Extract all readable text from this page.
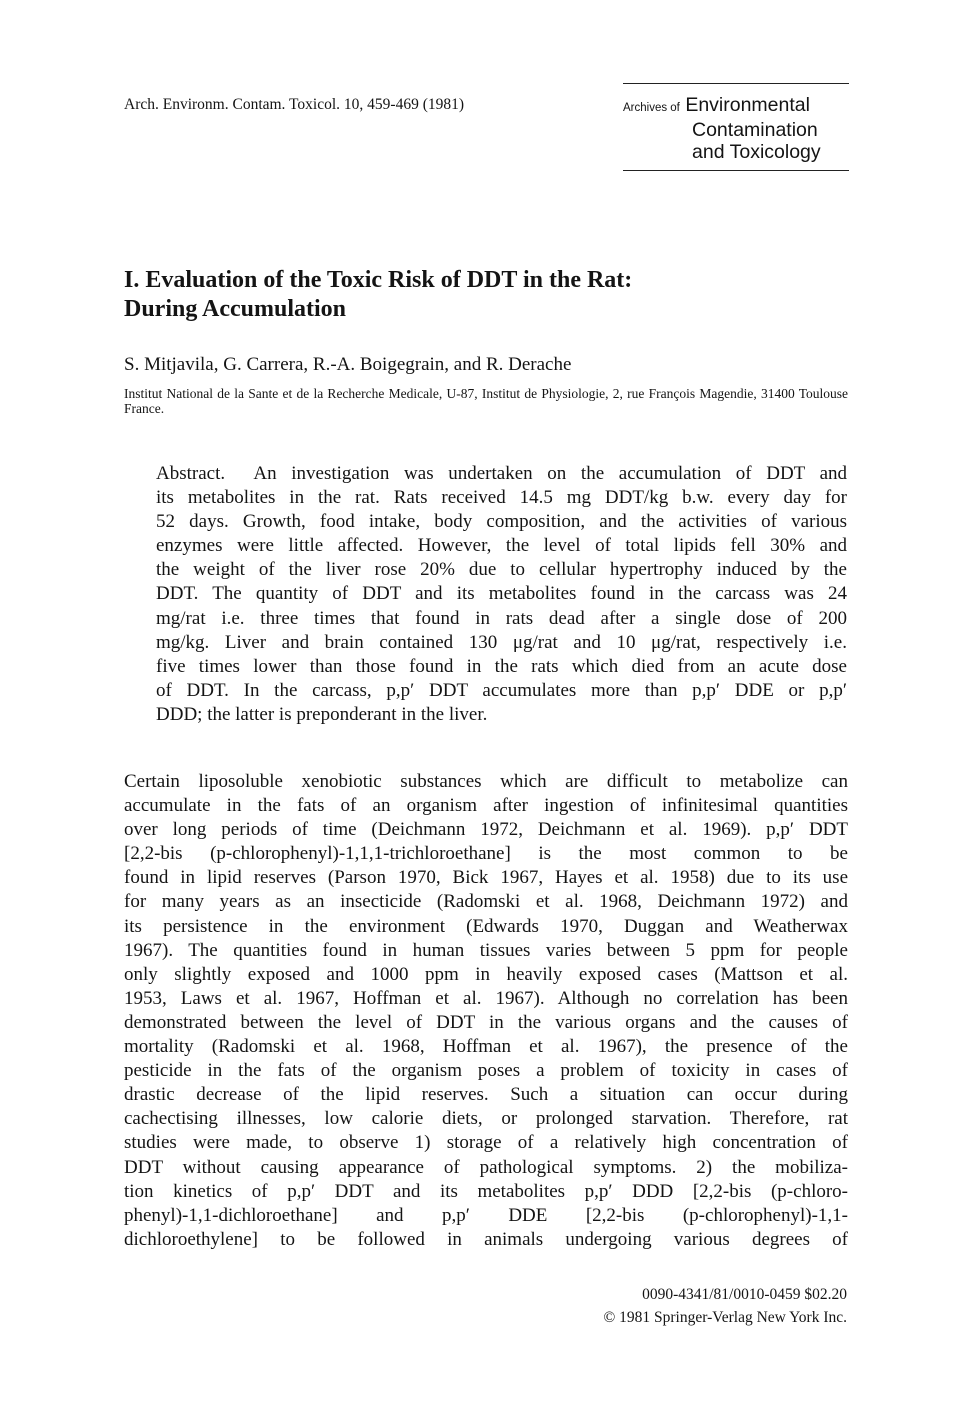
Arch. Environm. Contam. Toxicol. 10, 459-469 (1981)	Archives of Environmental
Contamination
and Toxicology
I. Evaluation of the Toxic Risk of DDT in the Rat:
During Accumulation
S. Mitjavila, G. Carrera, R.-A. Boigegrain, and R. Derache
Institut National de la Sante et de la Recherche Medicale, U-87, Institut de Physiologie, 2, rue François Magendie, 31400 Toulouse France.
Abstract. An investigation was undertaken on the accumulation of DDT and
its metabolites in the rat. Rats received 14.5 mg DDT/kg b.w. every day for
52 days. Growth, food intake, body composition, and the activities of various
enzymes were little affected. However, the level of total lipids fell 30% and
the weight of the liver rose 20% due to cellular hypertrophy induced by the
DDT. The quantity of DDT and its metabolites found in the carcass was 24
mg/rat i.e. three times that found in rats dead after a single dose of 200
mg/kg. Liver and brain contained 130 μg/rat and 10 μg/rat, respectively i.e.
five times lower than those found in the rats which died from an acute dose
of DDT. In the carcass, p,p′ DDT accumulates more than p,p′ DDE or p,p′
DDD; the latter is preponderant in the liver.
Certain liposoluble xenobiotic substances which are difficult to metabolize can
accumulate in the fats of an organism after ingestion of infinitesimal quantities
over long periods of time (Deichmann 1972, Deichmann et al. 1969). p,p′ DDT
[2,2-bis (p-chlorophenyl)-1,1,1-trichloroethane] is the most common to be
found in lipid reserves (Parson 1970, Bick 1967, Hayes et al. 1958) due to its use
for many years as an insecticide (Radomski et al. 1968, Deichmann 1972) and
its persistence in the environment (Edwards 1970, Duggan and Weatherwax
1967). The quantities found in human tissues varies between 5 ppm for people
only slightly exposed and 1000 ppm in heavily exposed cases (Mattson et al.
1953, Laws et al. 1967, Hoffman et al. 1967). Although no correlation has been
demonstrated between the level of DDT in the various organs and the causes of
mortality (Radomski et al. 1968, Hoffman et al. 1967), the presence of the
pesticide in the fats of the organism poses a problem of toxicity in cases of
drastic decrease of the lipid reserves. Such a situation can occur during
cachectising illnesses, low calorie diets, or prolonged starvation. Therefore, rat
studies were made, to observe 1) storage of a relatively high concentration of
DDT without causing appearance of pathological symptoms. 2) the mobiliza-
tion kinetics of p,p′ DDT and its metabolites p,p′ DDD [2,2-bis (p-chloro-
phenyl)-1,1-dichloroethane] and p,p′ DDE [2,2-bis (p-chlorophenyl)-1,1-
dichloroethylene] to be followed in animals undergoing various degrees of
0090-4341/81/0010-0459 $02.20
© 1981 Springer-Verlag New York Inc.
